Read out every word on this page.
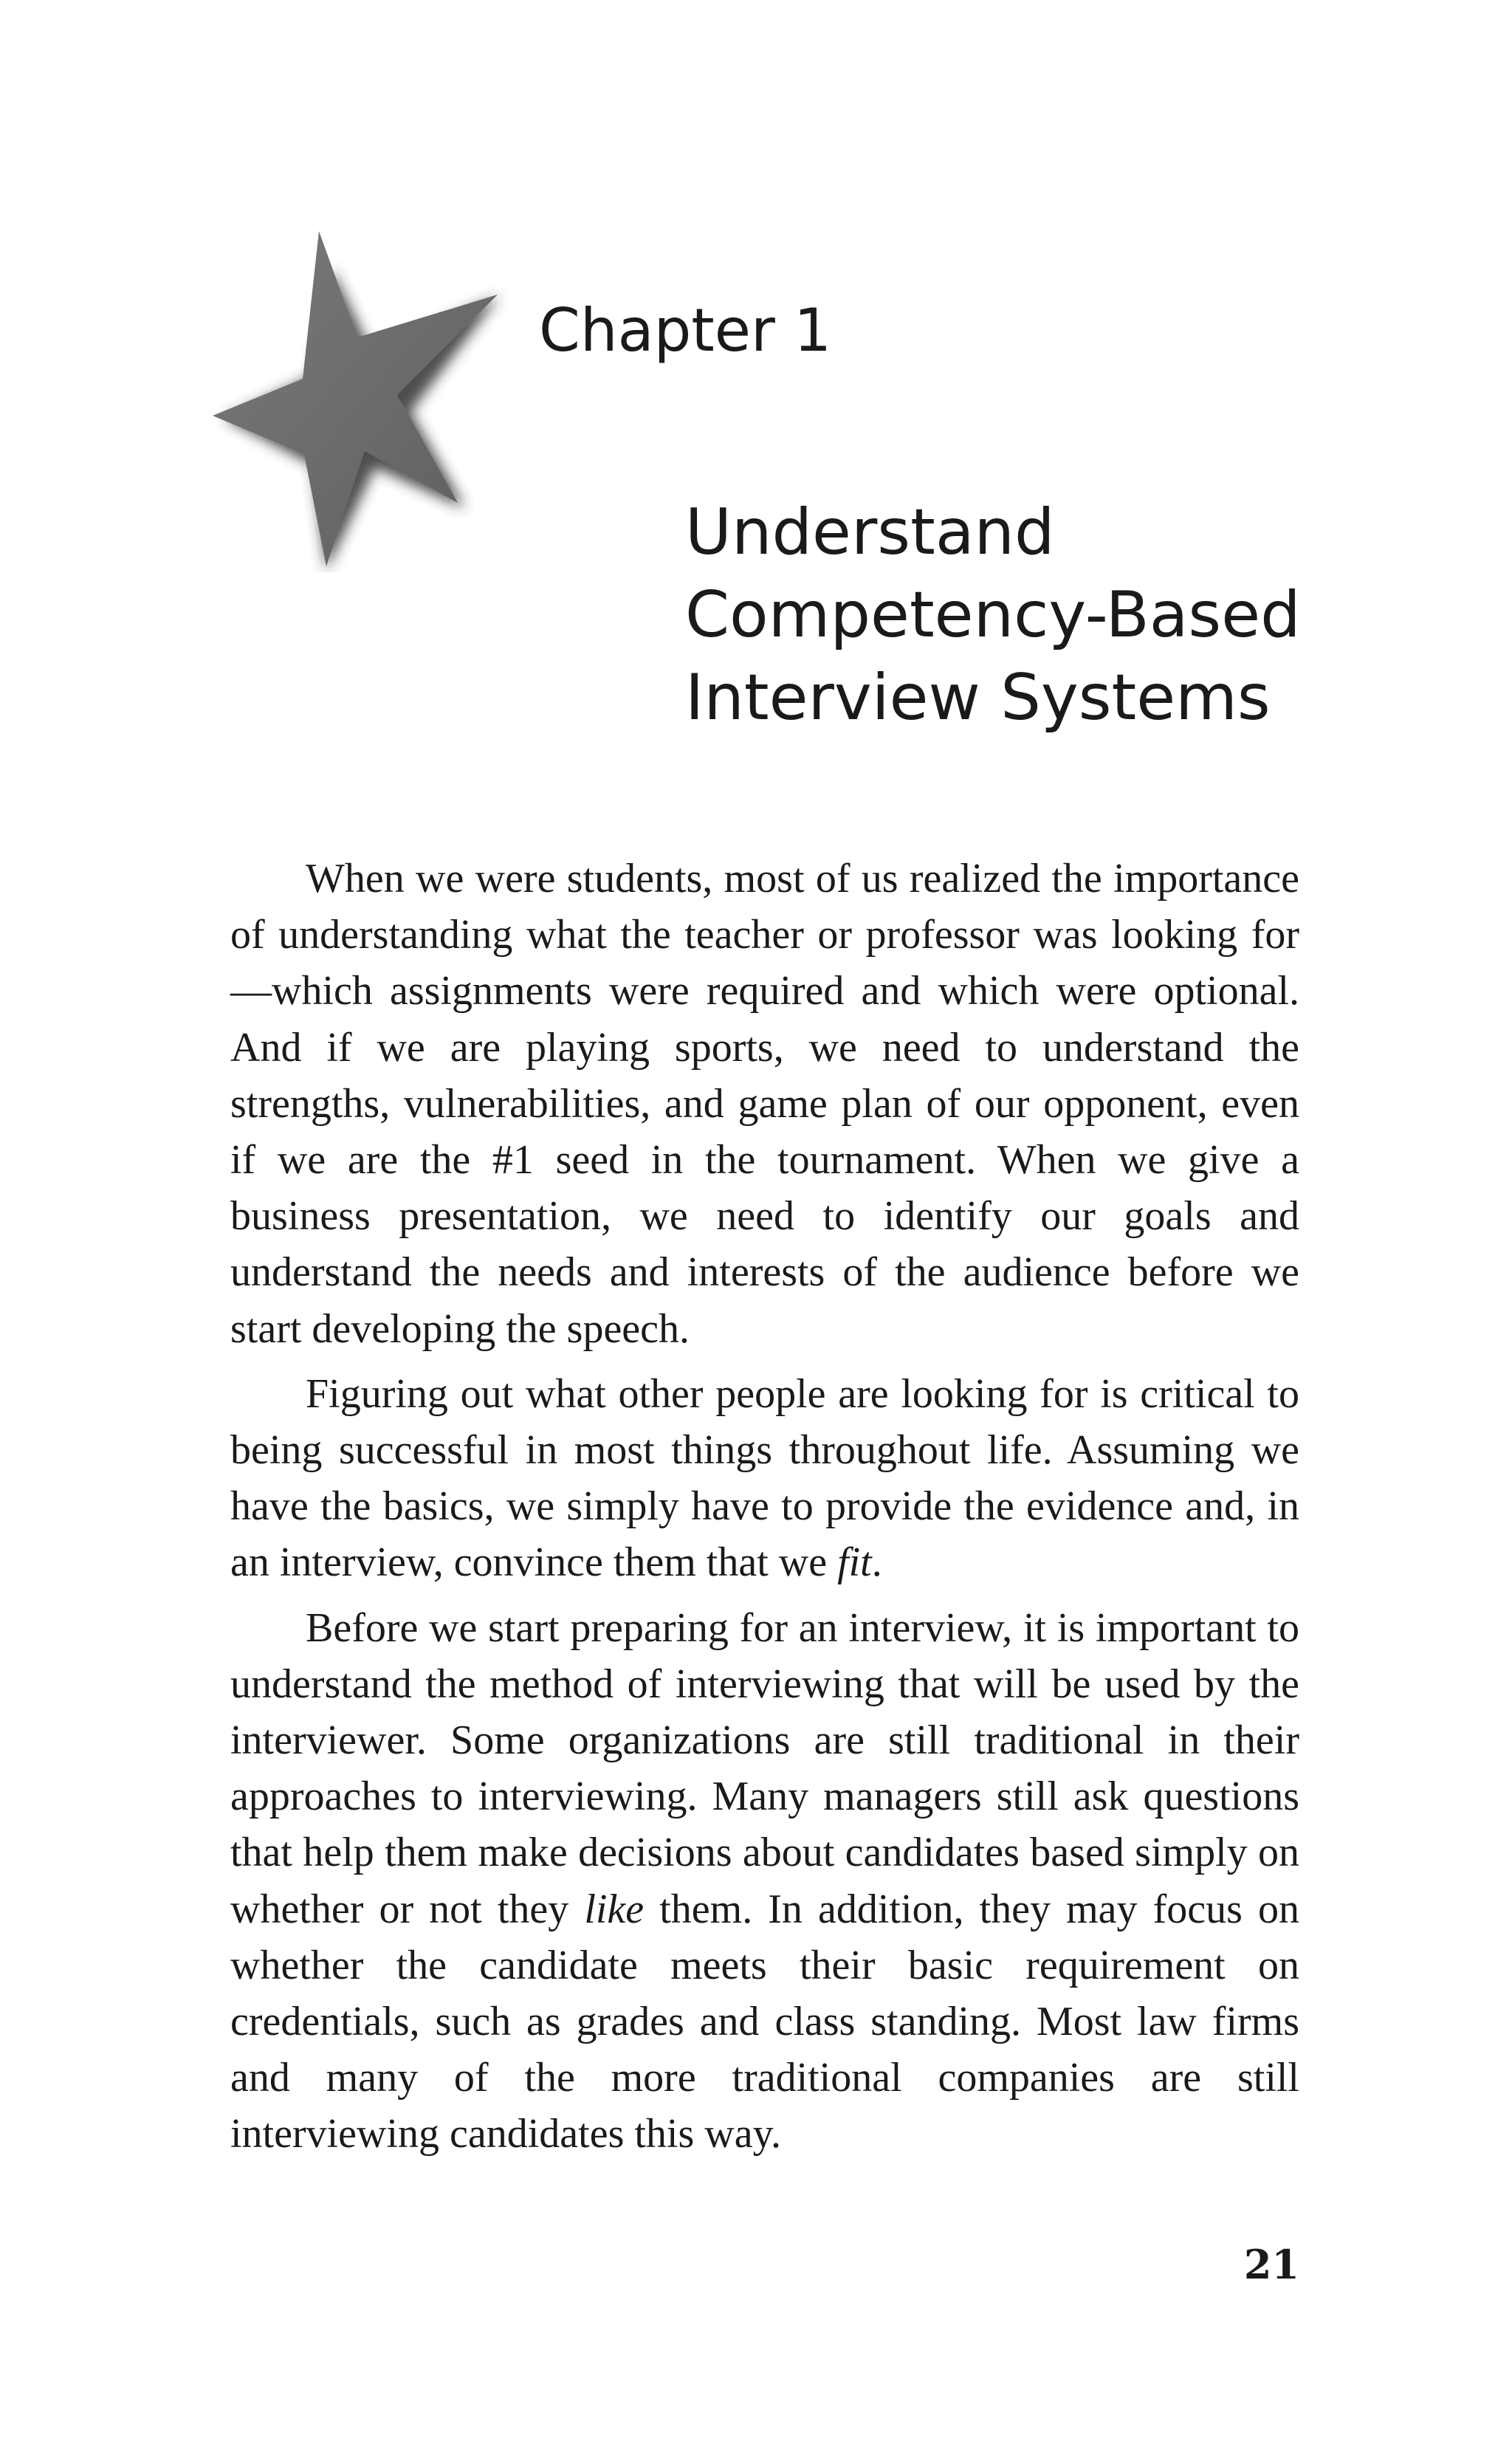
Chapter 1
Understand
Competency-Based
Interview Systems

When we were students, most of us realized the importance of understanding what the teacher or professor was looking for—which assignments were required and which were optional. And if we are playing sports, we need to understand the strengths, vulnerabilities, and game plan of our opponent, even if we are the #1 seed in the tournament. When we give a business presentation, we need to identify our goals and understand the needs and interests of the audience before we start developing the speech.

Figuring out what other people are looking for is critical to being successful in most things throughout life. Assuming we have the basics, we simply have to provide the evidence and, in an interview, convince them that we fit.

Before we start preparing for an interview, it is important to understand the method of interviewing that will be used by the interviewer. Some organizations are still traditional in their approaches to interviewing. Many managers still ask questions that help them make decisions about candidates based simply on whether or not they like them. In addition, they may focus on whether the candidate meets their basic requirement on credentials, such as grades and class standing. Most law firms and many of the more traditional companies are still interviewing candidates this way.

21
